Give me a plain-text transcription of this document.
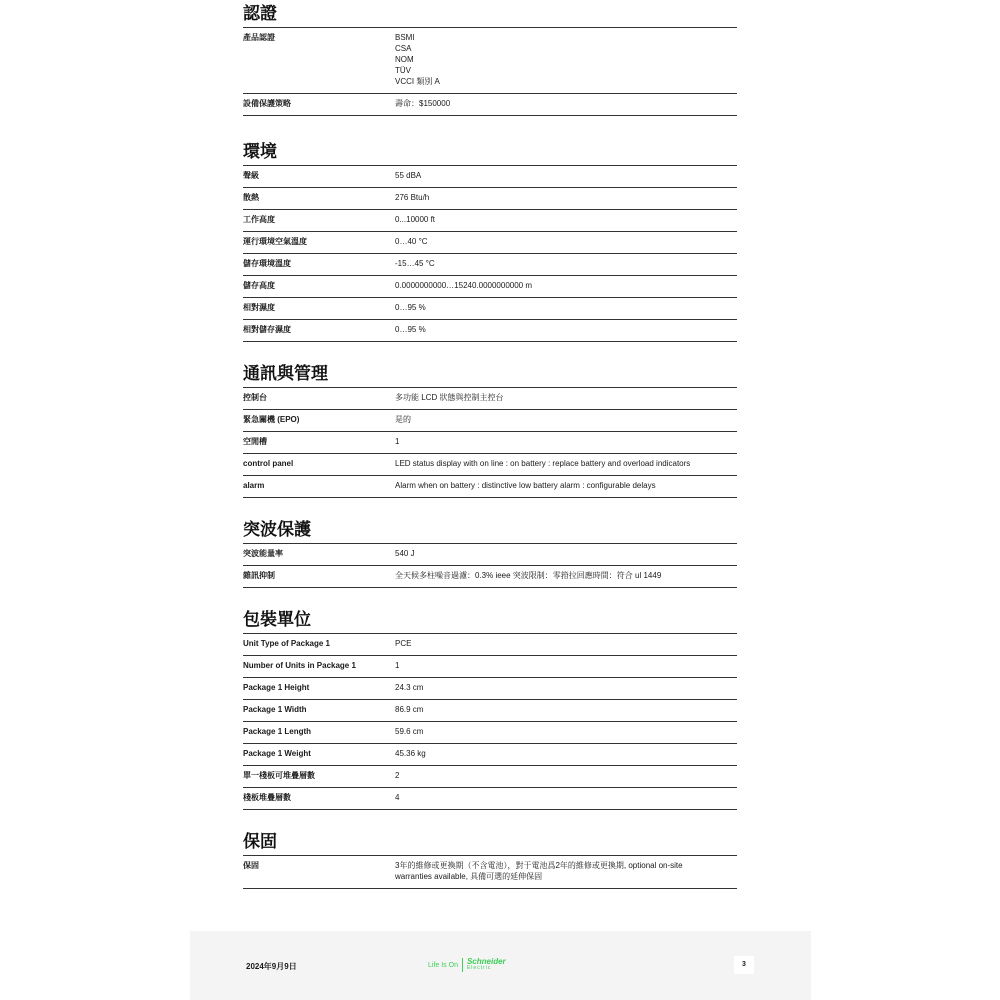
認證
產品認證	BSMI
CSA
NOM
TÜV
VCCI 類別 A
設備保護策略	壽命：$150000
環境
聲級	55 dBA
散熱	276 Btu/h
工作高度	0...10000 ft
運行環境空氣溫度	0…40 °C
儲存環境溫度	-15…45 °C
儲存高度	0.0000000000…15240.0000000000 m
相對濕度	0…95 %
相對儲存濕度	0…95 %
通訊與管理
控制台	多功能 LCD 狀態與控制主控台
緊急關機 (EPO)	是的
空閒槽	1
control panel	LED status display with on line : on battery : replace battery and overload indicators
alarm	Alarm when on battery : distinctive low battery alarm : configurable delays
突波保護
突波能量率	540 J
雜訊抑制	全天候多柱噪音過濾：0.3% ieee 突波限制：零箝拉回應時間：符合 ul 1449
包裝單位
Unit Type of Package 1	PCE
Number of Units in Package 1	1
Package 1 Height	24.3 cm
Package 1 Width	86.9 cm
Package 1 Length	59.6 cm
Package 1 Weight	45.36 kg
單一棧板可堆疊層數	2
棧板堆疊層數	4
保固
保固	3年的維修或更換期（不含電池），對于電池爲2年的維修或更換期, optional on-site
warranties available, 具備可選的延伸保固
2024年9月9日	Life Is On Schneider
Electric	3
